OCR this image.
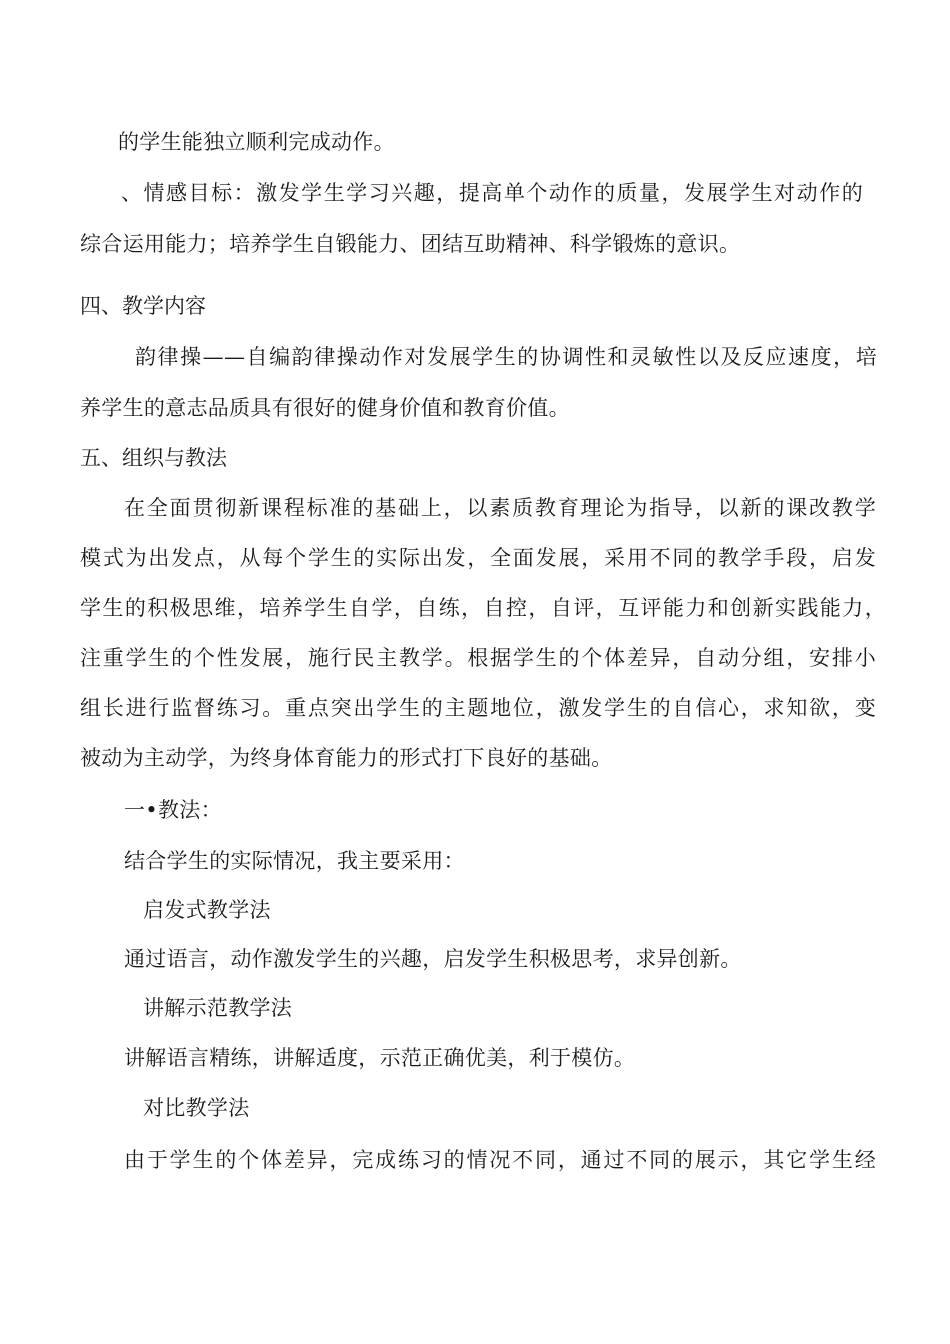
的学生能独立顺利完成动作。
、情感目标：激发学生学习兴趣，提高单个动作的质量，发展学生对动作的
综合运用能力；培养学生自锻能力、团结互助精神、科学锻炼的意识。
四、教学内容
韵律操——自编韵律操动作对发展学生的协调性和灵敏性以及反应速度，培
养学生的意志品质具有很好的健身价值和教育价值。
五、组织与教法
在全面贯彻新课程标准的基础上，以素质教育理论为指导，以新的课改教学
模式为出发点，从每个学生的实际出发，全面发展，采用不同的教学手段，启发
学生的积极思维，培养学生自学，自练，自控，自评，互评能力和创新实践能力，
注重学生的个性发展，施行民主教学。根据学生的个体差异，自动分组，安排小
组长进行监督练习。重点突出学生的主题地位，激发学生的自信心，求知欲，变
被动为主动学，为终身体育能力的形式打下良好的基础。
一•教法：
结合学生的实际情况，我主要采用：
启发式教学法
通过语言，动作激发学生的兴趣，启发学生积极思考，求异创新。
讲解示范教学法
讲解语言精练，讲解适度，示范正确优美，利于模仿。
对比教学法
由于学生的个体差异，完成练习的情况不同，通过不同的展示，其它学生经
